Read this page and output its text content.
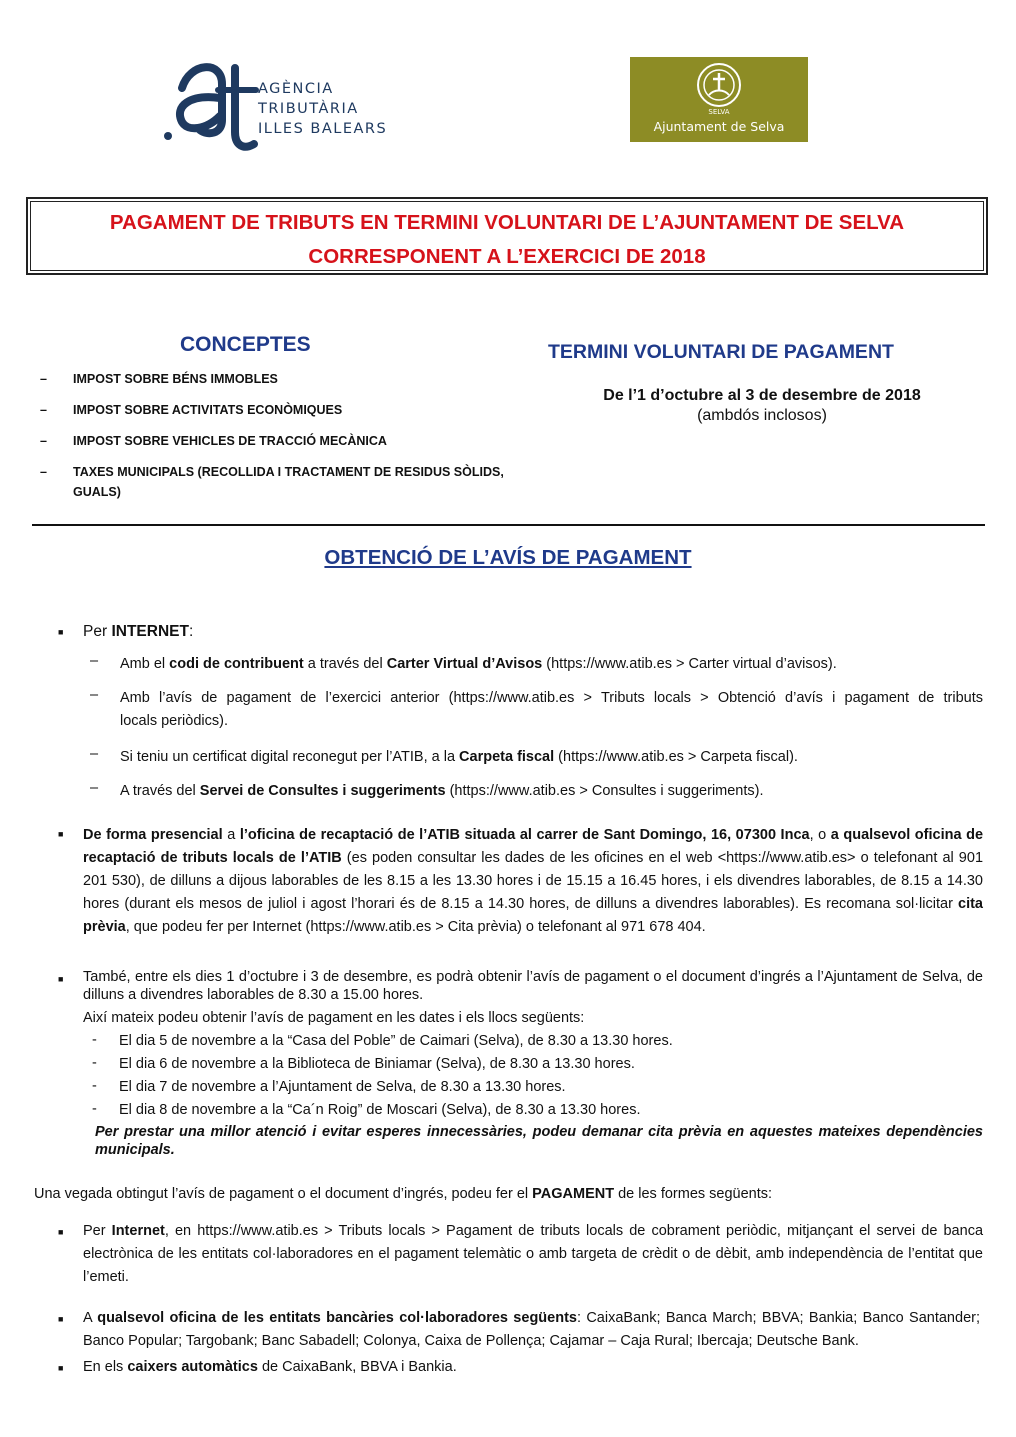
AGÈNCIA
TRIBUTÀRIA
ILLES BALEARS
SELVA
Ajuntament de Selva
PAGAMENT DE TRIBUTS EN TERMINI VOLUNTARI DE L’AJUNTAMENT DE SELVA
CORRESPONENT A L’EXERCICI DE 2018
CONCEPTES
–	IMPOST SOBRE BÉNS IMMOBLES
–	IMPOST SOBRE ACTIVITATS ECONÒMIQUES
–	IMPOST SOBRE VEHICLES DE TRACCIÓ MECÀNICA
–	TAXES MUNICIPALS (RECOLLIDA I TRACTAMENT DE RESIDUS SÒLIDS, GUALS)
TERMINI VOLUNTARI DE PAGAMENT
De l’1 d’octubre al 3 de desembre de 2018
(ambdós inclosos)
OBTENCIÓ DE L’AVÍS DE PAGAMENT
■ Per INTERNET:
– Amb el codi de contribuent a través del Carter Virtual d’Avisos (https://www.atib.es > Carter virtual d’avisos).
– Amb l’avís de pagament de l’exercici anterior (https://www.atib.es > Tributs locals > Obtenció d’avís i pagament de tributs
locals periòdics).
– Si teniu un certificat digital reconegut per l’ATIB, a la Carpeta fiscal (https://www.atib.es > Carpeta fiscal).
– A través del Servei de Consultes i suggeriments (https://www.atib.es > Consultes i suggeriments).
■ De forma presencial a l’oficina de recaptació de l’ATIB situada al carrer de Sant Domingo, 16, 07300 Inca, o a qualsevol oficina de recaptació de tributs locals de l’ATIB (es poden consultar les dades de les oficines en el web <https://www.atib.es> o telefonant al 901 201 530), de dilluns a dijous laborables de les 8.15 a les 13.30 hores i de 15.15 a 16.45 hores, i els divendres laborables, de 8.15 a 14.30 hores (durant els mesos de juliol i agost l’horari és de 8.15 a 14.30 hores, de dilluns a divendres laborables). Es recomana sol·licitar cita prèvia, que podeu fer per Internet (https://www.atib.es > Cita prèvia) o telefonant al 971 678 404.
■ També, entre els dies 1 d’octubre i 3 de desembre, es podrà obtenir l’avís de pagament o el document d’ingrés a l’Ajuntament de Selva, de dilluns a divendres laborables de 8.30 a 15.00 hores.
Així mateix podeu obtenir l’avís de pagament en les dates i els llocs següents:
- El dia 5 de novembre a la “Casa del Poble” de Caimari (Selva), de 8.30 a 13.30 hores.
- El dia 6 de novembre a la Biblioteca de Biniamar (Selva), de 8.30 a 13.30 hores.
- El dia 7 de novembre a l’Ajuntament de Selva, de 8.30 a 13.30 hores.
- El dia 8 de novembre a la “Ca´n Roig” de Moscari (Selva), de 8.30 a 13.30 hores.
Per prestar una millor atenció i evitar esperes innecessàries, podeu demanar cita prèvia en aquestes mateixes dependències municipals.
Una vegada obtingut l’avís de pagament o el document d’ingrés, podeu fer el PAGAMENT de les formes següents:
■ Per Internet, en https://www.atib.es > Tributs locals > Pagament de tributs locals de cobrament periòdic, mitjançant el servei de banca electrònica de les entitats col·laboradores en el pagament telemàtic o amb targeta de crèdit o de dèbit, amb independència de l’entitat que l’emeti.
■ A qualsevol oficina de les entitats bancàries col·laboradores següents: CaixaBank; Banca March; BBVA; Bankia; Banco Santander; Banco Popular; Targobank; Banc Sabadell; Colonya, Caixa de Pollença; Cajamar – Caja Rural; Ibercaja; Deutsche Bank.
■ En els caixers automàtics de CaixaBank, BBVA i Bankia.
